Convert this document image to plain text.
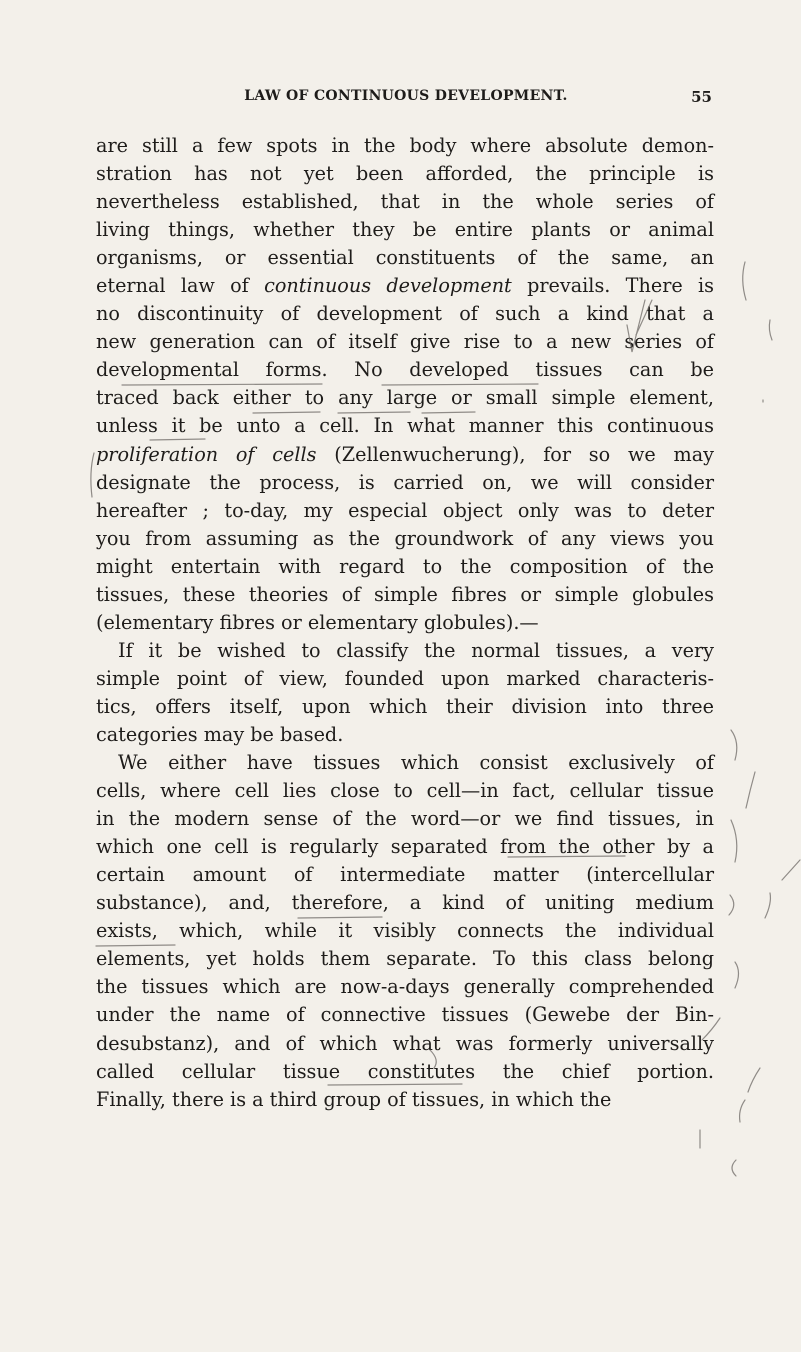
LAW OF CONTINUOUS DEVELOPMENT.	55
are still a few spots in the body where absolute demon-
stration has not yet been afforded, the principle is
nevertheless established, that in the whole series of
living things, whether they be entire plants or animal
organisms, or essential constituents of the same, an
eternal law of continuous development prevails. There is
no discontinuity of development of such a kind that a
new generation can of itself give rise to a new series of
developmental forms. No developed tissues can be
traced back either to any large or small simple element,
unless it be unto a cell. In what manner this continuous
proliferation of cells (Zellenwucherung), for so we may
designate the process, is carried on, we will consider
hereafter ; to-day, my especial object only was to deter
you from assuming as the groundwork of any views you
might entertain with regard to the composition of the
tissues, these theories of simple fibres or simple globules
(elementary fibres or elementary globules).—
If it be wished to classify the normal tissues, a very
simple point of view, founded upon marked characteris-
tics, offers itself, upon which their division into three
categories may be based.
We either have tissues which consist exclusively of
cells, where cell lies close to cell—in fact, cellular tissue
in the modern sense of the word—or we find tissues, in
which one cell is regularly separated from the other by a
certain amount of intermediate matter (intercellular
substance), and, therefore, a kind of uniting medium
exists, which, while it visibly connects the individual
elements, yet holds them separate. To this class belong
the tissues which are now-a-days generally comprehended
under the name of connective tissues (Gewebe der Bin-
desubstanz), and of which what was formerly universally
called cellular tissue constitutes the chief portion.
Finally, there is a third group of tissues, in which the
